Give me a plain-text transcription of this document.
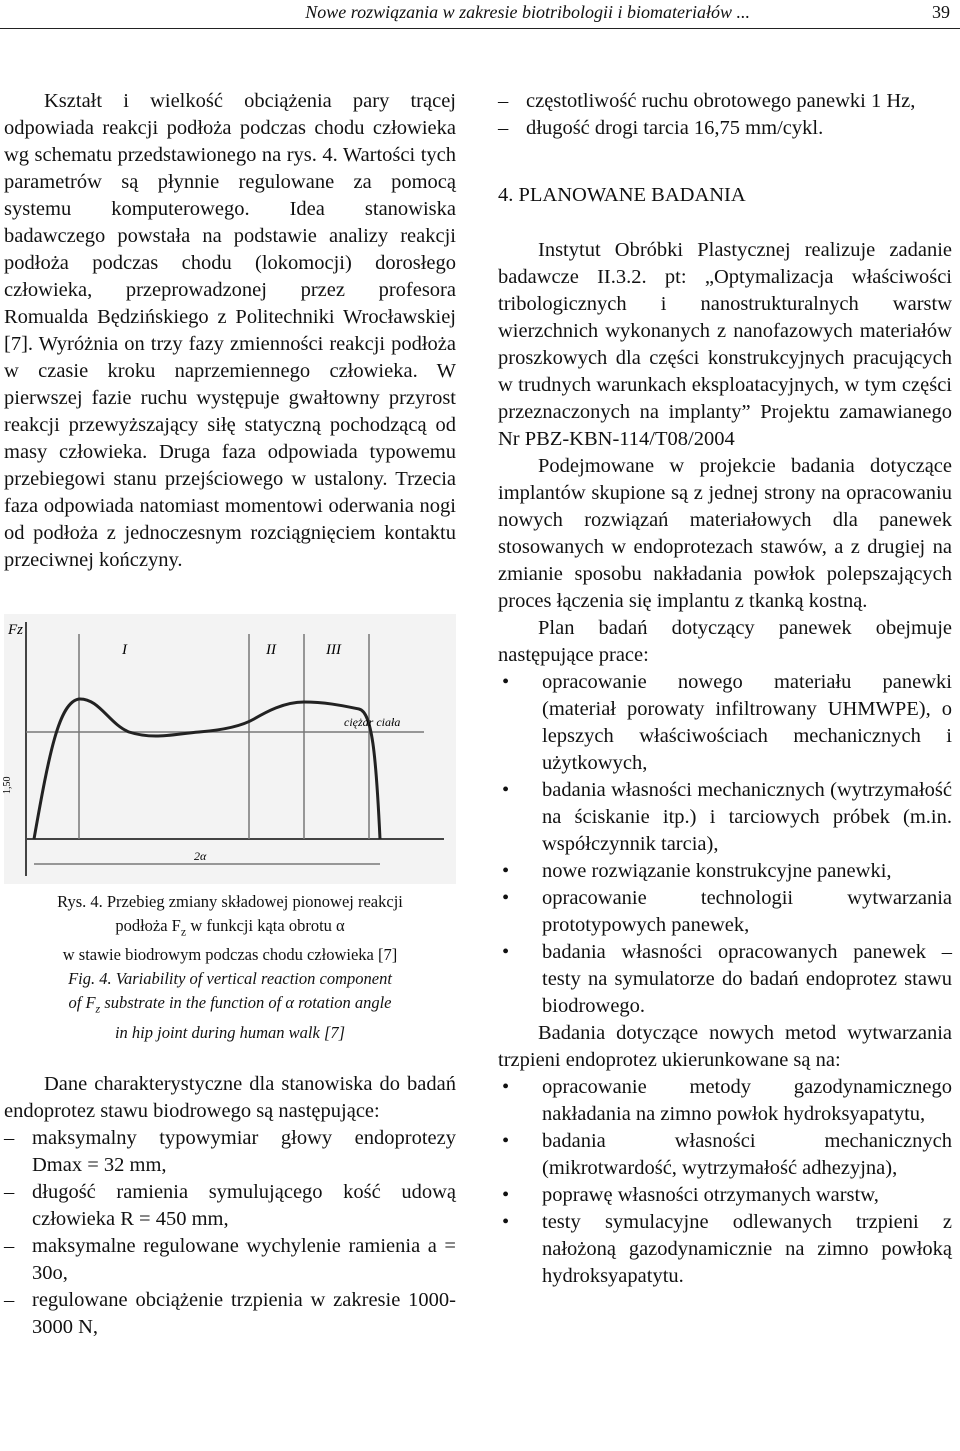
Nowe rozwiązania w zakresie biotribologii i biomateriałów ...	39

Kształt i wielkość obciążenia pary trącej odpowiada reakcji podłoża podczas chodu człowieka wg schematu przedstawionego na rys. 4. Wartości tych parametrów są płynnie regulowane za pomocą systemu komputerowego. Idea stanowiska badawczego powstała na podstawie analizy reakcji podłoża podczas chodu (lokomocji) dorosłego człowieka, przeprowadzonej przez profesora Romualda Będzińskiego z Politechniki Wrocławskiej [7]. Wyróżnia on trzy fazy zmienności reakcji podłoża w czasie kroku naprzemiennego człowieka. W pierwszej fazie ruchu występuje gwałtowny przyrost reakcji przewyższający siłę statyczną pochodzącą od masy człowieka. Druga faza odpowiada typowemu przebiegowi stanu przejściowego w ustalony. Trzecia faza odpowiada natomiast momentowi oderwania nogi od podłoża z jednoczesnym rozciągnięciem kontaktu przeciwnej kończyny.

Fz
I	II	III
ciężar ciała
1,50
2α
Rys. 4. Przebieg zmiany składowej pionowej reakcji
podłoża $F_z$ w funkcji kąta obrotu α
w stawie biodrowym podczas chodu człowieka [7]
Fig. 4. Variability of vertical reaction component
of $F_z$ substrate in the function of α rotation angle
in hip joint during human walk [7]

Dane charakterystyczne dla stanowiska do badań endoprotez stawu biodrowego są następujące:

– maksymalny typowymiar głowy endoprotezy Dmax = 32 mm,
– długość ramienia symulującego kość udową człowieka R = 450 mm,
– maksymalne regulowane wychylenie ramienia a = 30o,
– regulowane obciążenie trzpienia w zakresie 1000-3000 N,
– częstotliwość ruchu obrotowego panewki 1 Hz,
– długość drogi tarcia 16,75 mm/cykl.
4. PLANOWANE BADANIA

Instytut Obróbki Plastycznej realizuje zadanie badawcze II.3.2. pt: „Optymalizacja właściwości tribologicznych i nanostrukturalnych warstw wierzchnich wykonanych z nanofazowych materiałów proszkowych dla części konstrukcyjnych pracujących w trudnych warunkach eksploatacyjnych, w tym części przeznaczonych na implanty” Projektu zamawianego Nr PBZ-KBN-114/T08/2004

Podejmowane w projekcie badania dotyczące implantów skupione są z jednej strony na opracowaniu nowych rozwiązań materiałowych dla panewek stosowanych w endoprotezach stawów, a z drugiej na zmianie sposobu nakładania powłok polepszających proces łączenia się implantu z tkanką kostną.

Plan badań dotyczący panewek obejmuje następujące prace:

• opracowanie nowego materiału panewki (materiał porowaty infiltrowany UHMWPE), o lepszych właściwościach mechanicznych i użytkowych,
• badania własności mechanicznych (wytrzymałość na ściskanie itp.) i tarciowych próbek (m.in. współczynnik tarcia),
• nowe rozwiązanie konstrukcyjne panewki,
• opracowanie technologii wytwarzania prototypowych panewek,
• badania własności opracowanych panewek – testy na symulatorze do badań endoprotez stawu biodrowego.

Badania dotyczące nowych metod wytwarzania trzpieni endoprotez ukierunkowane są na:

• opracowanie metody gazodynamicznego nakładania na zimno powłok hydroksyapatytu,
• badania własności mechanicznych (mikrotwardość, wytrzymałość adhezyjna),
• poprawę własności otrzymanych warstw,
• testy symulacyjne odlewanych trzpieni z nałożoną gazodynamicznie na zimno powłoką hydroksyapatytu.
